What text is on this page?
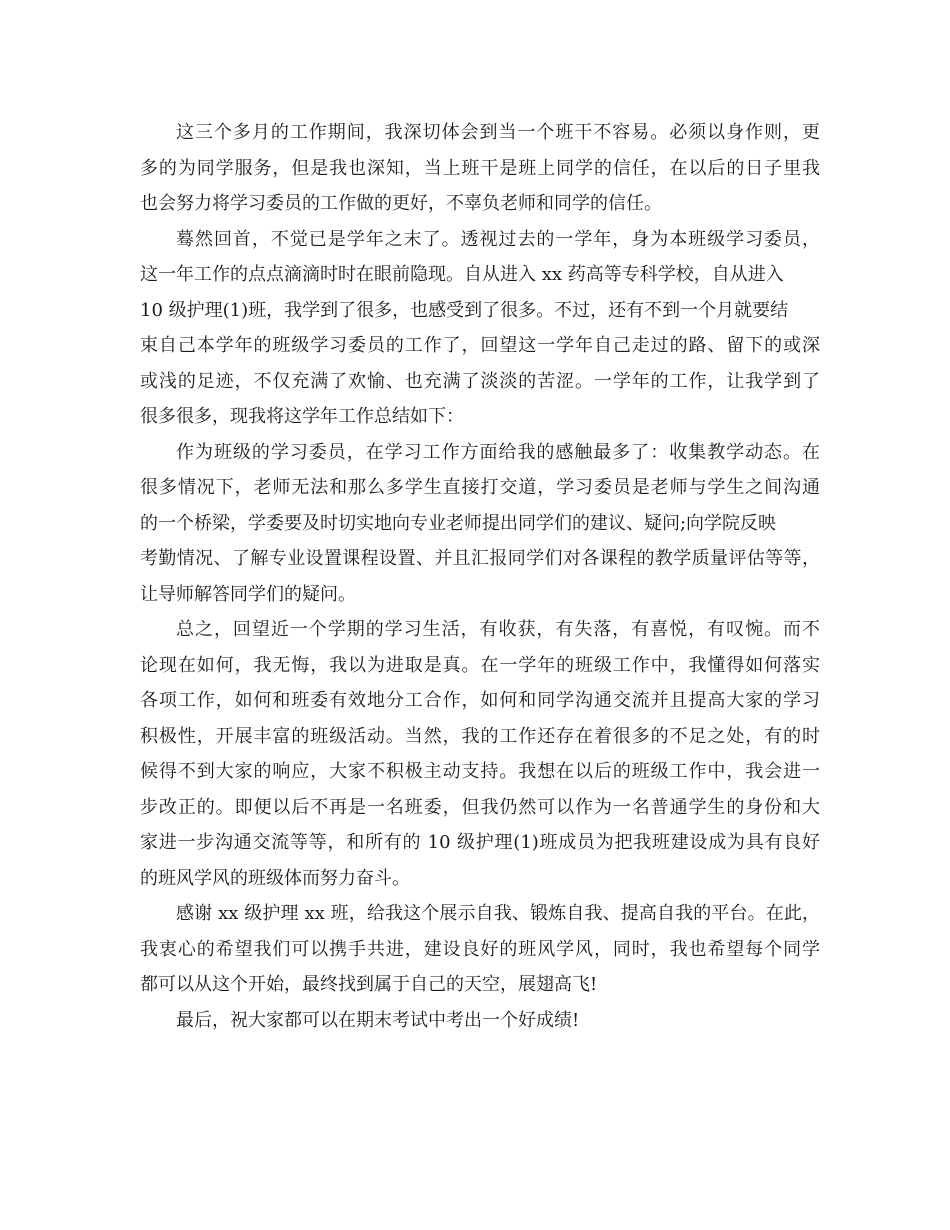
这三个多月的工作期间，我深切体会到当一个班干不容易。必须以身作则，更
多的为同学服务，但是我也深知，当上班干是班上同学的信任，在以后的日子里我
也会努力将学习委员的工作做的更好，不辜负老师和同学的信任。
蓦然回首，不觉已是学年之末了。透视过去的一学年，身为本班级学习委员，
这一年工作的点点滴滴时时在眼前隐现。自从进入 xx 药高等专科学校，自从进入
10 级护理(1)班，我学到了很多，也感受到了很多。不过，还有不到一个月就要结
束自己本学年的班级学习委员的工作了，回望这一学年自己走过的路、留下的或深
或浅的足迹，不仅充满了欢愉、也充满了淡淡的苦涩。一学年的工作，让我学到了
很多很多，现我将这学年工作总结如下：
作为班级的学习委员，在学习工作方面给我的感触最多了：收集教学动态。在
很多情况下，老师无法和那么多学生直接打交道，学习委员是老师与学生之间沟通
的一个桥梁，学委要及时切实地向专业老师提出同学们的建议、疑问;向学院反映
考勤情况、了解专业设置课程设置、并且汇报同学们对各课程的教学质量评估等等，
让导师解答同学们的疑问。
总之，回望近一个学期的学习生活，有收获，有失落，有喜悦，有叹惋。而不
论现在如何，我无悔，我以为进取是真。在一学年的班级工作中，我懂得如何落实
各项工作，如何和班委有效地分工合作，如何和同学沟通交流并且提高大家的学习
积极性，开展丰富的班级活动。当然，我的工作还存在着很多的不足之处，有的时
候得不到大家的响应，大家不积极主动支持。我想在以后的班级工作中，我会进一
步改正的。即便以后不再是一名班委，但我仍然可以作为一名普通学生的身份和大
家进一步沟通交流等等，和所有的 10 级护理(1)班成员为把我班建设成为具有良好
的班风学风的班级体而努力奋斗。
感谢 xx 级护理 xx 班，给我这个展示自我、锻炼自我、提高自我的平台。在此，
我衷心的希望我们可以携手共进，建设良好的班风学风，同时，我也希望每个同学
都可以从这个开始，最终找到属于自己的天空，展翅高飞!
最后，祝大家都可以在期末考试中考出一个好成绩!
